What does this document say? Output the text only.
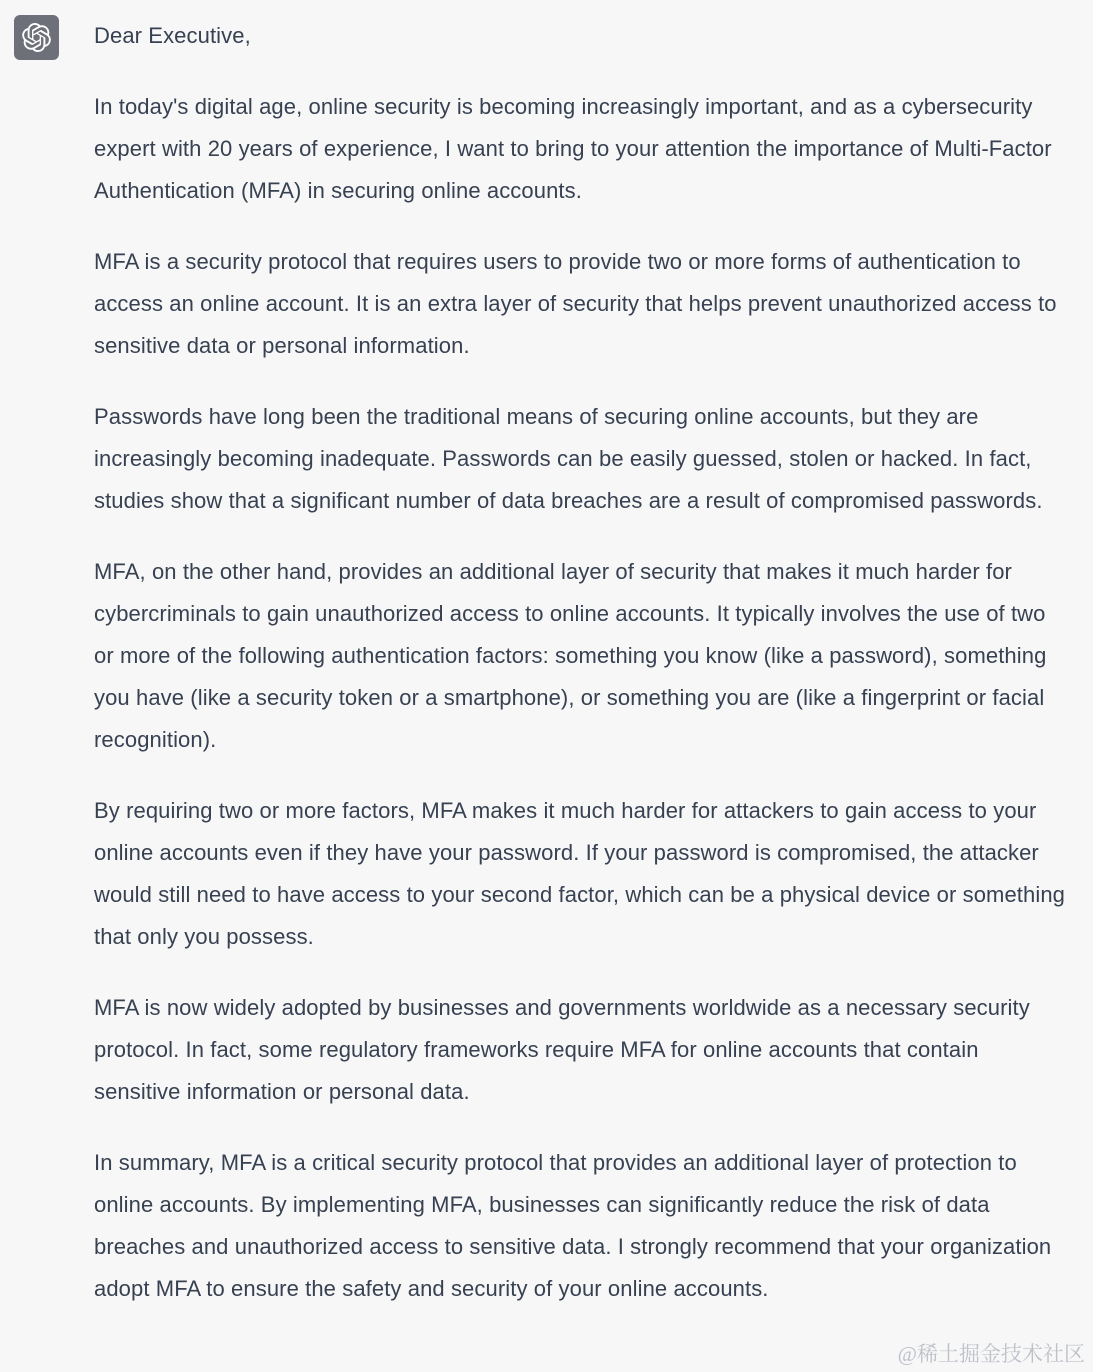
Dear Executive,

In today's digital age, online security is becoming increasingly important, and as a cybersecurity expert with 20 years of experience, I want to bring to your attention the importance of Multi-Factor Authentication (MFA) in securing online accounts.

MFA is a security protocol that requires users to provide two or more forms of authentication to access an online account. It is an extra layer of security that helps prevent unauthorized access to sensitive data or personal information.

Passwords have long been the traditional means of securing online accounts, but they are increasingly becoming inadequate. Passwords can be easily guessed, stolen or hacked. In fact, studies show that a significant number of data breaches are a result of compromised passwords.

MFA, on the other hand, provides an additional layer of security that makes it much harder for cybercriminals to gain unauthorized access to online accounts. It typically involves the use of two or more of the following authentication factors: something you know (like a password), something you have (like a security token or a smartphone), or something you are (like a fingerprint or facial recognition).

By requiring two or more factors, MFA makes it much harder for attackers to gain access to your online accounts even if they have your password. If your password is compromised, the attacker would still need to have access to your second factor, which can be a physical device or something that only you possess.

MFA is now widely adopted by businesses and governments worldwide as a necessary security protocol. In fact, some regulatory frameworks require MFA for online accounts that contain sensitive information or personal data.

In summary, MFA is a critical security protocol that provides an additional layer of protection to online accounts. By implementing MFA, businesses can significantly reduce the risk of data breaches and unauthorized access to sensitive data. I strongly recommend that your organization adopt MFA to ensure the safety and security of your online accounts.

@稀土掘金技术社区
